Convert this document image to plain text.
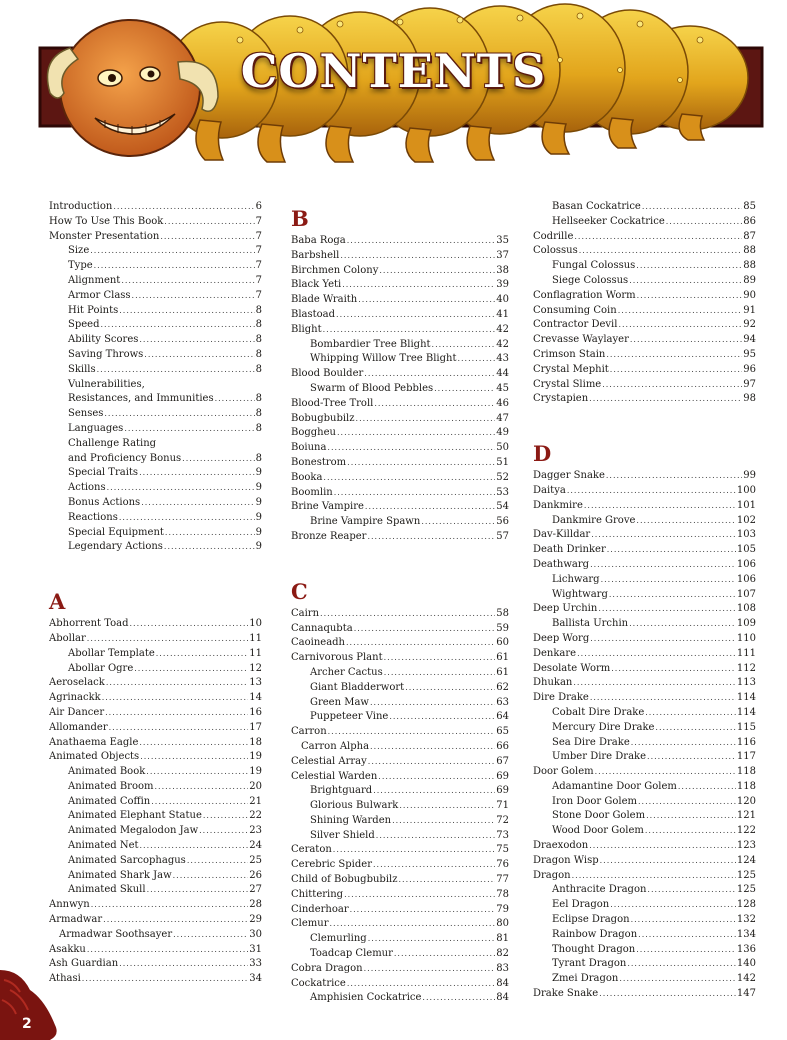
CONTENTS
Introduction .....	6
How To Use This Book .....	7
Monster Presentation .....	7
Size .....	7
Type .....	7
Alignment .....	7
Armor Class .....	7
Hit Points .....	8
Speed .....	8
Ability Scores .....	8
Saving Throws .....	8
Skills .....	8
Vulnerabilities,
Resistances, and Immunities .....	8
Senses .....	8
Languages .....	8
Challenge Rating
and Proficiency Bonus .....	8
Special Traits .....	9
Actions .....	9
Bonus Actions .....	9
Reactions .....	9
Special Equipment .....	9
Legendary Actions .....	9
A
Abhorrent Toad .....	10
Abollar .....	11
Abollar Template .....	11
Abollar Ogre .....	12
Aeroselack .....	13
Agrinackk .....	14
Air Dancer .....	16
Allomander .....	17
Anathaema Eagle .....	18
Animated Objects .....	19
Animated Book .....	19
Animated Broom .....	20
Animated Coffin .....	21
Animated Elephant Statue .....	22
Animated Megalodon Jaw .....	23
Animated Net .....	24
Animated Sarcophagus .....	25
Animated Shark Jaw .....	26
Animated Skull .....	27
Annwyn .....	28
Armadwar .....	29
Armadwar Soothsayer .....	30
Asakku .....	31
Ash Guardian .....	33
Athasi .....	34
B
Baba Roga .....	35
Barbshell .....	37
Birchmen Colony .....	38
Black Yeti .....	39
Blade Wraith .....	40
Blastoad .....	41
Blight .....	42
Bombardier Tree Blight .....	42
Whipping Willow Tree Blight .....	43
Blood Boulder .....	44
Swarm of Blood Pebbles .....	45
Blood-Tree Troll .....	46
Bobugbubilz .....	47
Boggheu .....	49
Boiuna .....	50
Bonestrom .....	51
Booka .....	52
Boomlin .....	53
Brine Vampire .....	54
Brine Vampire Spawn .....	56
Bronze Reaper .....	57
C
Cairn .....	58
Cannaqubta .....	59
Caoineadh .....	60
Carnivorous Plant .....	61
Archer Cactus .....	61
Giant Bladderwort .....	62
Green Maw .....	63
Puppeteer Vine .....	64
Carron .....	65
Carron Alpha .....	66
Celestial Array .....	67
Celestial Warden .....	69
Brightguard .....	69
Glorious Bulwark .....	71
Shining Warden .....	72
Silver Shield .....	73
Ceraton .....	75
Cerebric Spider .....	76
Child of Bobugbubilz .....	77
Chittering .....	78
Cinderhoar .....	79
Clemur .....	80
Clemurling .....	81
Toadcap Clemur .....	82
Cobra Dragon .....	83
Cockatrice .....	84
Amphisien Cockatrice .....	84
Basan Cockatrice .....	85
Hellseeker Cockatrice .....	86
Codrille .....	87
Colossus .....	88
Fungal Colossus .....	88
Siege Colossus .....	89
Conflagration Worm .....	90
Consuming Coin .....	91
Contractor Devil .....	92
Crevasse Waylayer .....	94
Crimson Stain .....	95
Crystal Mephit .....	96
Crystal Slime .....	97
Crystapien .....	98
D
Dagger Snake .....	99
Daitya .....	100
Dankmire .....	101
Dankmire Grove .....	102
Dav-Killdar .....	103
Death Drinker .....	105
Deathwarg .....	106
Lichwarg .....	106
Wightwarg .....	107
Deep Urchin .....	108
Ballista Urchin .....	109
Deep Worg .....	110
Denkare .....	111
Desolate Worm .....	112
Dhukan .....	113
Dire Drake .....	114
Cobalt Dire Drake .....	114
Mercury Dire Drake .....	115
Sea Dire Drake .....	116
Umber Dire Drake .....	117
Door Golem .....	118
Adamantine Door Golem .....	118
Iron Door Golem .....	120
Stone Door Golem .....	121
Wood Door Golem .....	122
Draexodon .....	123
Dragon Wisp .....	124
Dragon .....	125
Anthracite Dragon .....	125
Eel Dragon .....	128
Eclipse Dragon .....	132
Rainbow Dragon .....	134
Thought Dragon .....	136
Tyrant Dragon .....	140
Zmei Dragon .....	142
Drake Snake .....	147
2
